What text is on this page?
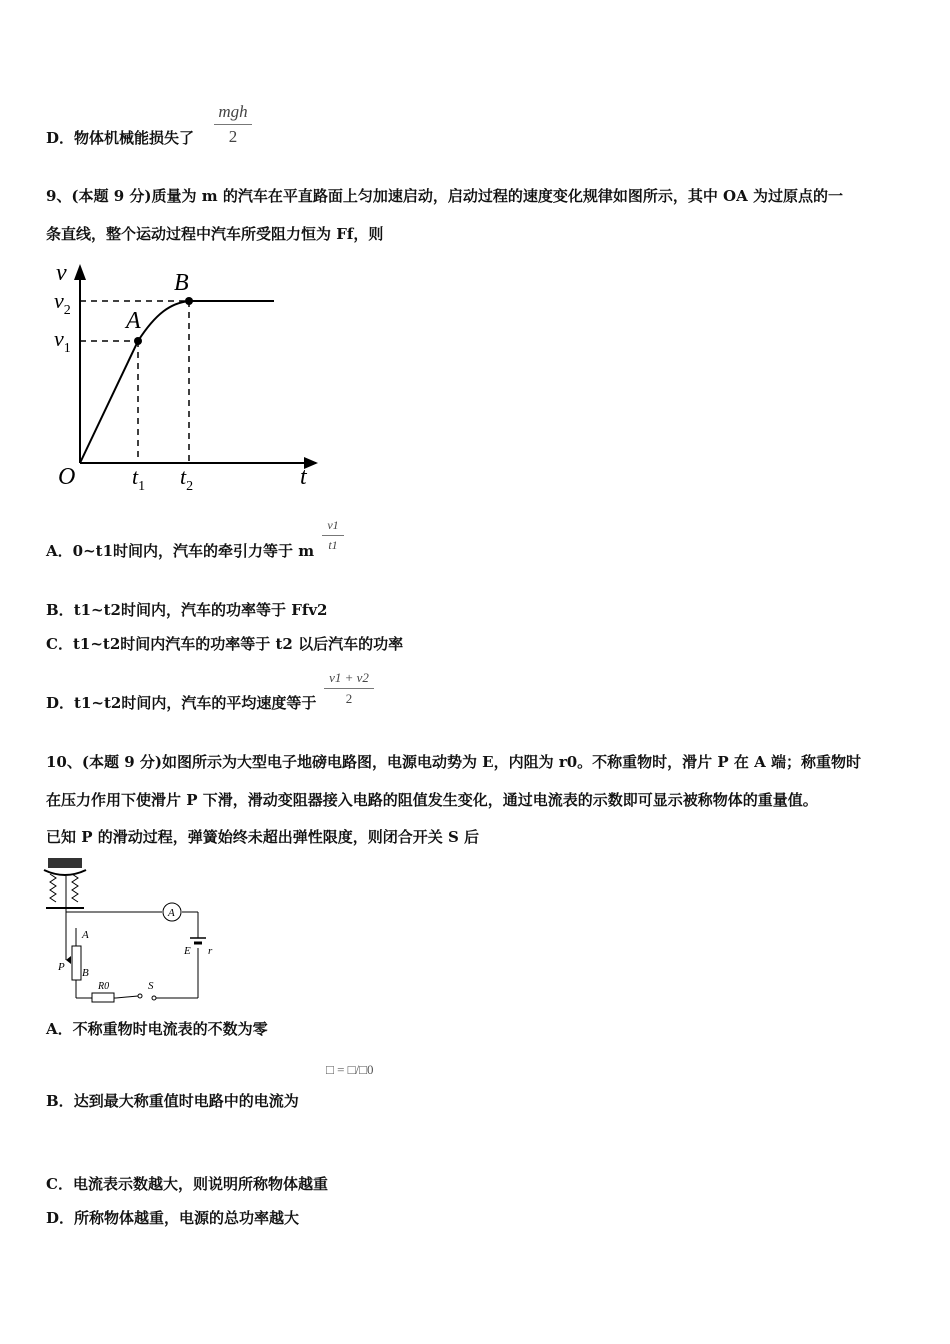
D．物体机械能损失了
mgh
2
9、(本题 9 分)质量为 m 的汽车在平直路面上匀加速启动，启动过程的速度变化规律如图所示，其中 OA 为过原点的一
条直线，整个运动过程中汽车所受阻力恒为 Ff，则
v
$v_2$
$v_1$
A
B
O	$t_1$ $t_2$	t
A．0~t1时间内，汽车的牵引力等于 m
v1
t1
B．t1~t2时间内，汽车的功率等于 Ffv2
C．t1~t2时间内汽车的功率等于 t2 以后汽车的功率
D．t1~t2时间内，汽车的平均速度等于
v1 + v2
2
10、(本题 9 分)如图所示为大型电子地磅电路图，电源电动势为 E，内阻为 r0。不称重物时，滑片 P 在 A 端；称重物时
在压力作用下使滑片 P 下滑，滑动变阻器接入电路的阻值发生变化，通过电流表的示数即可显示被称物体的重量值。
已知 P 的滑动过程，弹簧始终未超出弹性限度，则闭合开关 S 后
A
E r
R0	S
A
B
P
A．不称重物时电流表的不数为零
□ = □/□0
B．达到最大称重值时电路中的电流为
C．电流表示数越大，则说明所称物体越重
D．所称物体越重，电源的总功率越大
